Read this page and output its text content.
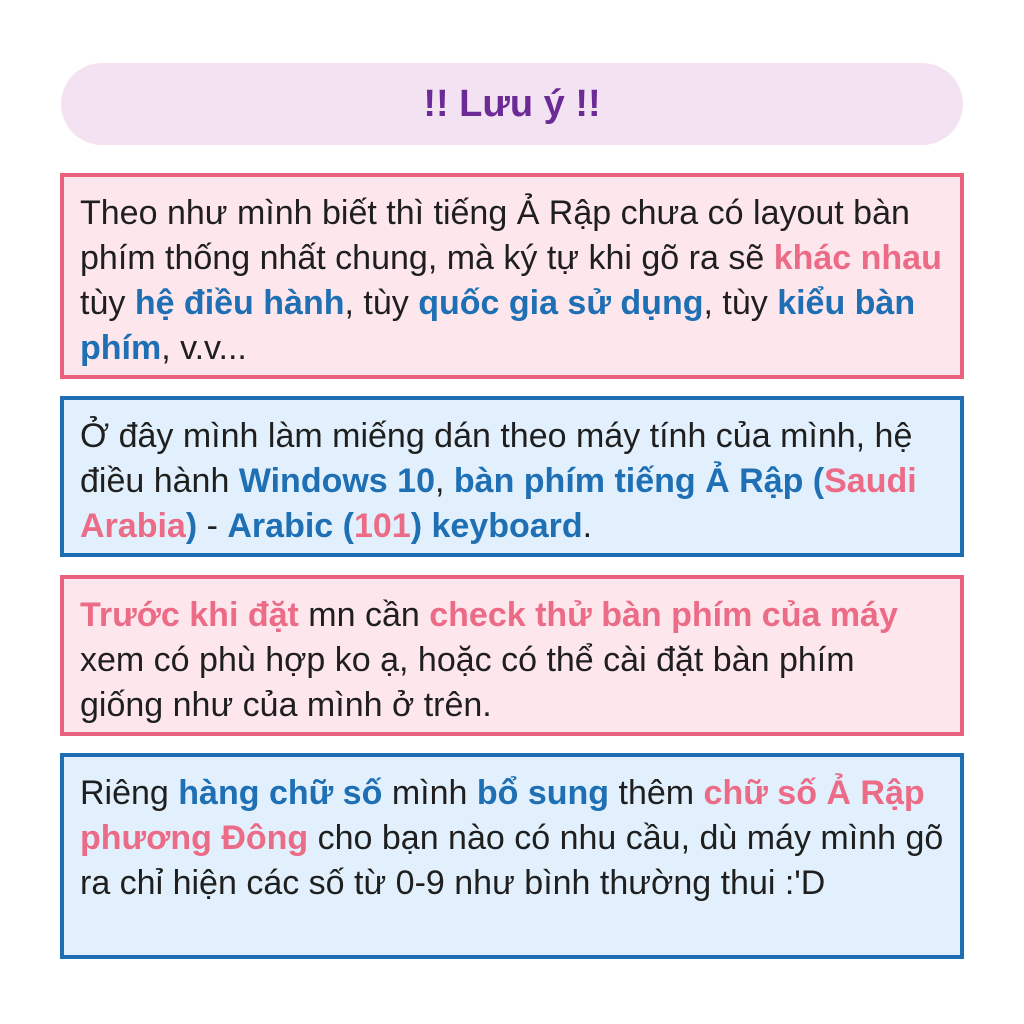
!! Lưu ý !!
Theo như mình biết thì tiếng Ả Rập chưa có layout bàn phím thống nhất chung, mà ký tự khi gõ ra sẽ khác nhau tùy hệ điều hành, tùy quốc gia sử dụng, tùy kiểu bàn phím, v.v...
Ở đây mình làm miếng dán theo máy tính của mình, hệ điều hành Windows 10, bàn phím tiếng Ả Rập (Saudi Arabia) - Arabic (101) keyboard.
Trước khi đặt mn cần check thử bàn phím của máy xem có phù hợp ko ạ, hoặc có thể cài đặt bàn phím giống như của mình ở trên.
Riêng hàng chữ số mình bổ sung thêm chữ số Ả Rập phương Đông cho bạn nào có nhu cầu, dù máy mình gõ ra chỉ hiện các số từ 0-9 như bình thường thui :'D
